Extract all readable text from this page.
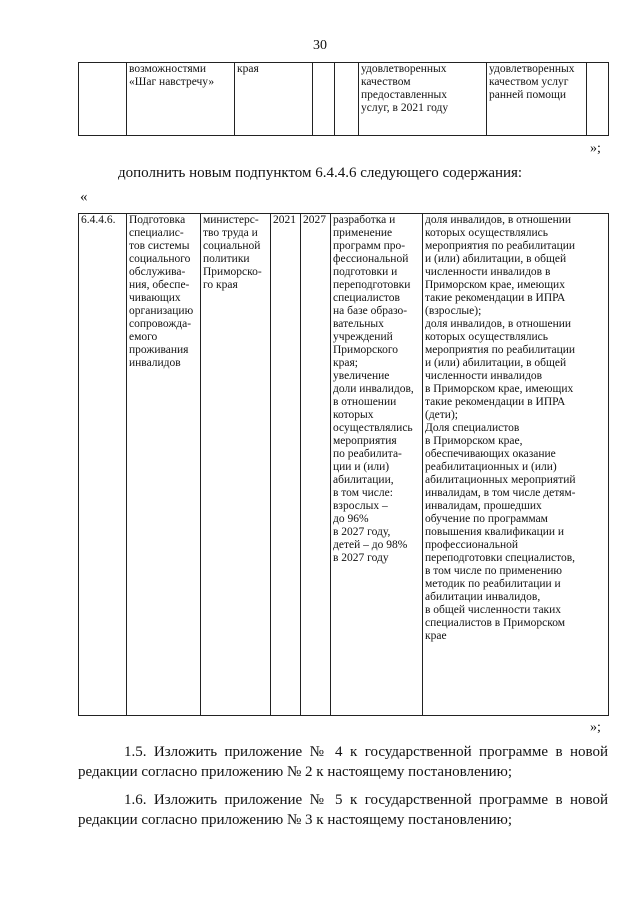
30
	возможностями
«Шаг навстречу»	края			удовлетворенных
качеством
предоставленных
услуг, в 2021 году	удовлетворенных
качеством услуг
ранней помощи	
»;
дополнить новым подпунктом 6.4.4.6 следующего содержания:
«
6.4.4.6.	Подготовка
специалис-
тов системы
социального
обслужива-
ния, обеспе-
чивающих
организацию
сопровожда-
емого
проживания
инвалидов	министерс-
тво труда и
социальной
политики
Приморско-
го края	2021	2027	разработка и
применение
программ про-
фессиональной
подготовки и
переподготовки
специалистов
на базе образо-
вательных
учреждений
Приморского
края;
увеличение
доли инвалидов,
в отношении
которых
осуществлялись
мероприятия
по реабилита-
ции и (или)
абилитации,
в том числе:
взрослых –
до 96%
в 2027 году,
детей – до 98%
в 2027 году	доля инвалидов, в отношении
которых осуществлялись
мероприятия по реабилитации
и (или) абилитации, в общей
численности инвалидов в
Приморском крае, имеющих
такие рекомендации в ИПРА
(взрослые);
доля инвалидов, в отношении
которых осуществлялись
мероприятия по реабилитации
и (или) абилитации, в общей
численности инвалидов
в Приморском крае, имеющих
такие рекомендации в ИПРА
(дети);
Доля специалистов
в Приморском крае,
обеспечивающих оказание
реабилитационных и (или)
абилитационных мероприятий
инвалидам, в том числе детям-
инвалидам, прошедших
обучение по программам
повышения квалификации и
профессиональной
переподготовки специалистов,
в том числе по применению
методик по реабилитации и
абилитации инвалидов,
в общей численности таких
специалистов в Приморском
крае
»;
1.5. Изложить приложение № 4 к государственной программе в новой редакции согласно приложению № 2 к настоящему постановлению;
1.6. Изложить приложение № 5 к государственной программе в новой редакции согласно приложению № 3 к настоящему постановлению;
